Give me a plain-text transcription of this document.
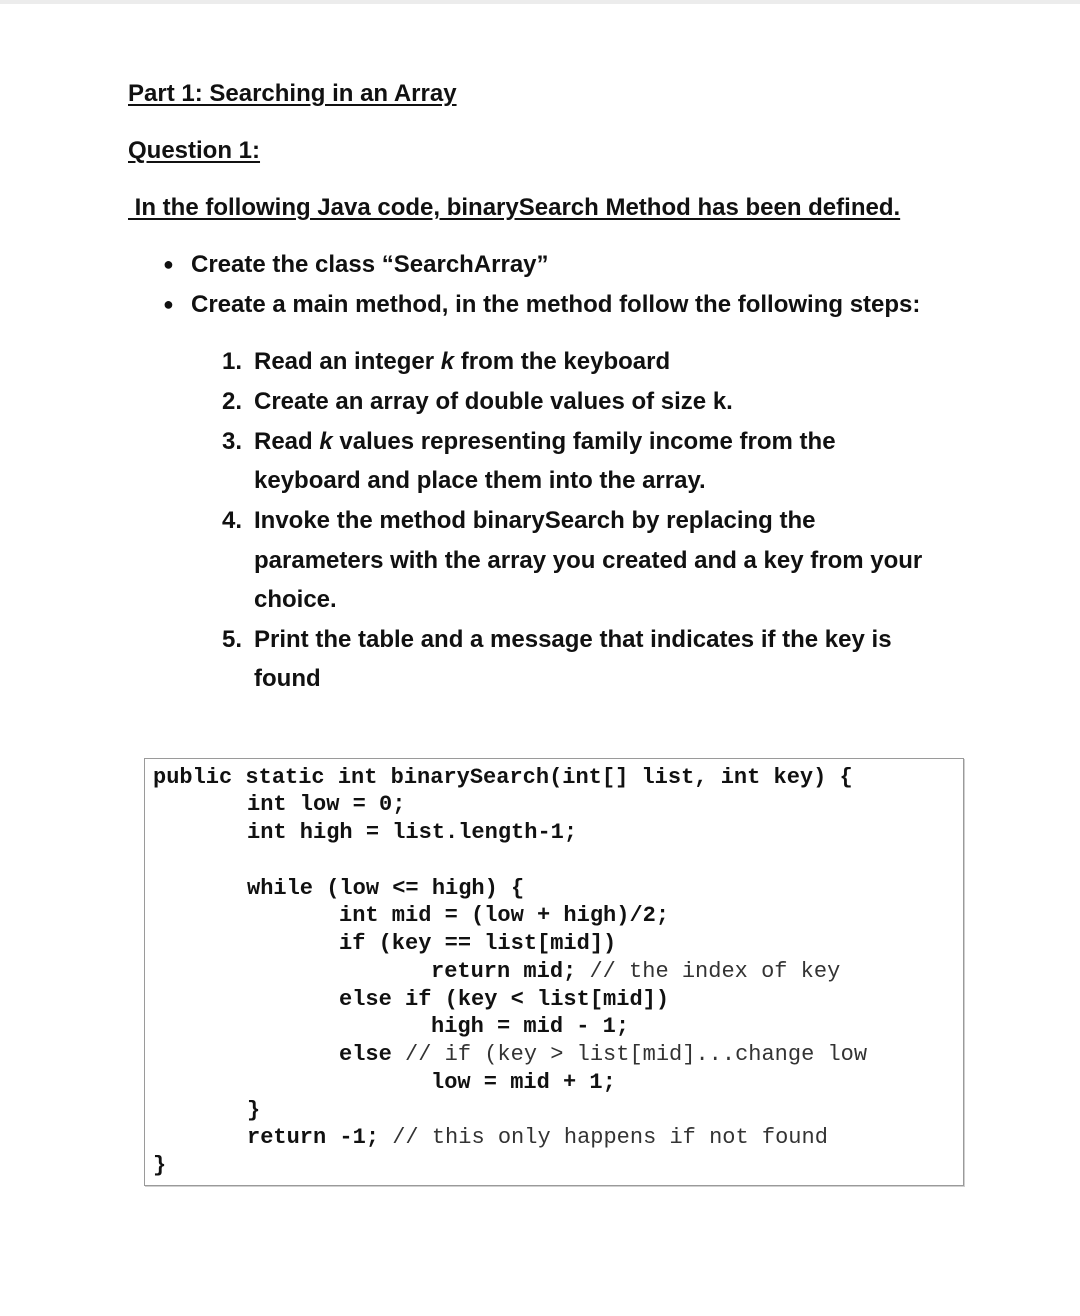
Part 1: Searching in an Array
Question 1:
In the following Java code, binarySearch Method has been defined.
● Create the class “SearchArray”
● Create a main method, in the method follow the following steps:
1. Read an integer k from the keyboard
2. Create an array of double values of size k.
3. Read k values representing family income from the
keyboard and place them into the array.
4. Invoke the method binarySearch by replacing the
parameters with the array you created and a key from your
choice.
5. Print the table and a message that indicates if the key is
found
public static int binarySearch(int[] list, int key) {
int low = 0;
int high = list.length-1;
while (low <= high) {
int mid = (low + high)/2;
if (key == list[mid])
return mid; // the index of key
else if (key < list[mid])
high = mid - 1;
else // if (key > list[mid]...change low
low = mid + 1;
}
return -1; // this only happens if not found
}
